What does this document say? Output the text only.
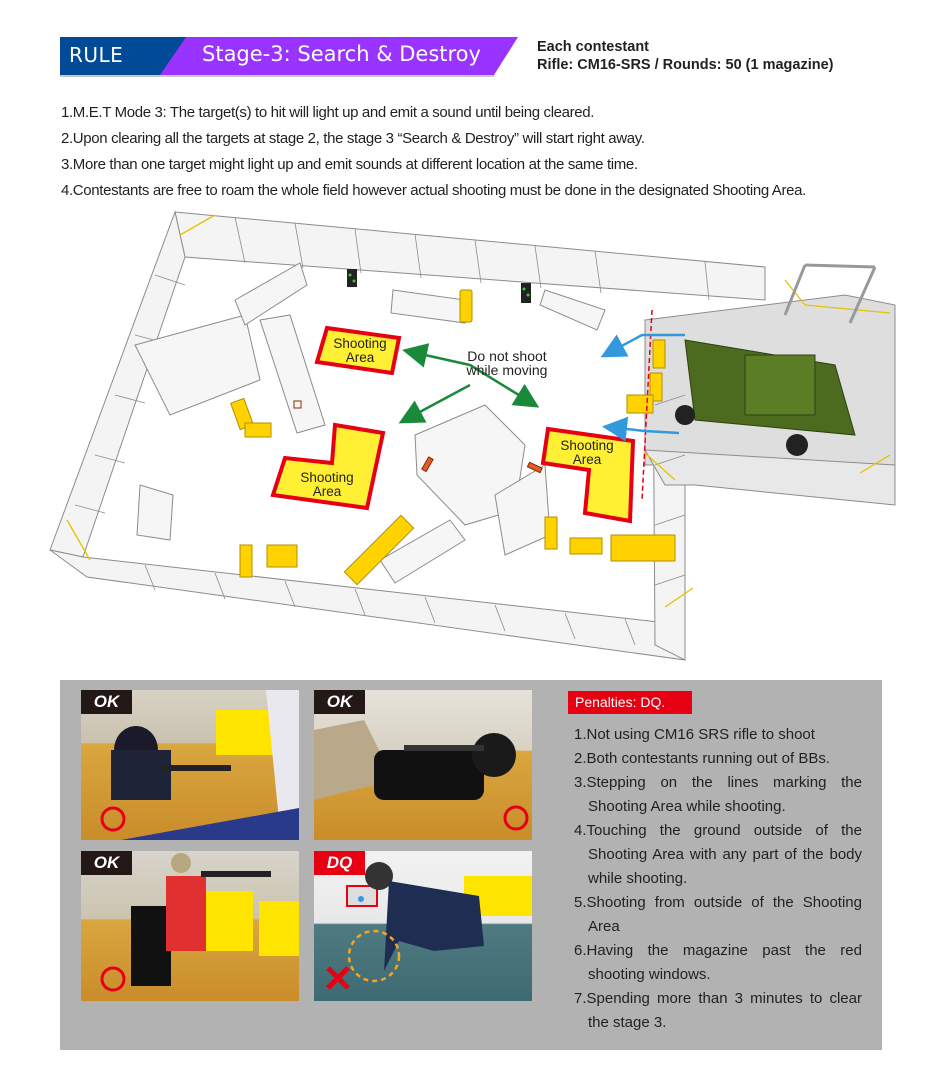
RULE	Stage-3: Search & Destroy	Each contestant
Rifle: CM16-SRS / Rounds: 50 (1 magazine)
1.M.E.T Mode 3: The target(s) to hit will light up and emit a sound until being cleared.
2.Upon clearing all the targets at stage 2, the stage 3 “Search & Destroy” will start right away.
3.More than one target might light up and emit sounds at different location at the same time.
4.Contestants are free to roam the whole field however actual shooting must be done in the designated Shooting Area.
Shooting
Area
Shooting
Area
Shooting
Area
Do not shoot
while moving
OK	OK
OK	DQ
Penalties: DQ.
1.Not using CM16 SRS rifle to shoot
2.Both contestants running out of BBs.
3.Stepping on the lines marking the Shooting Area while shooting.
4.Touching the ground outside of the Shooting Area with any part of the body while shooting.
5.Shooting from outside of the Shooting Area
6.Having the magazine past the red shooting windows.
7.Spending more than 3 minutes to clear the stage 3.
